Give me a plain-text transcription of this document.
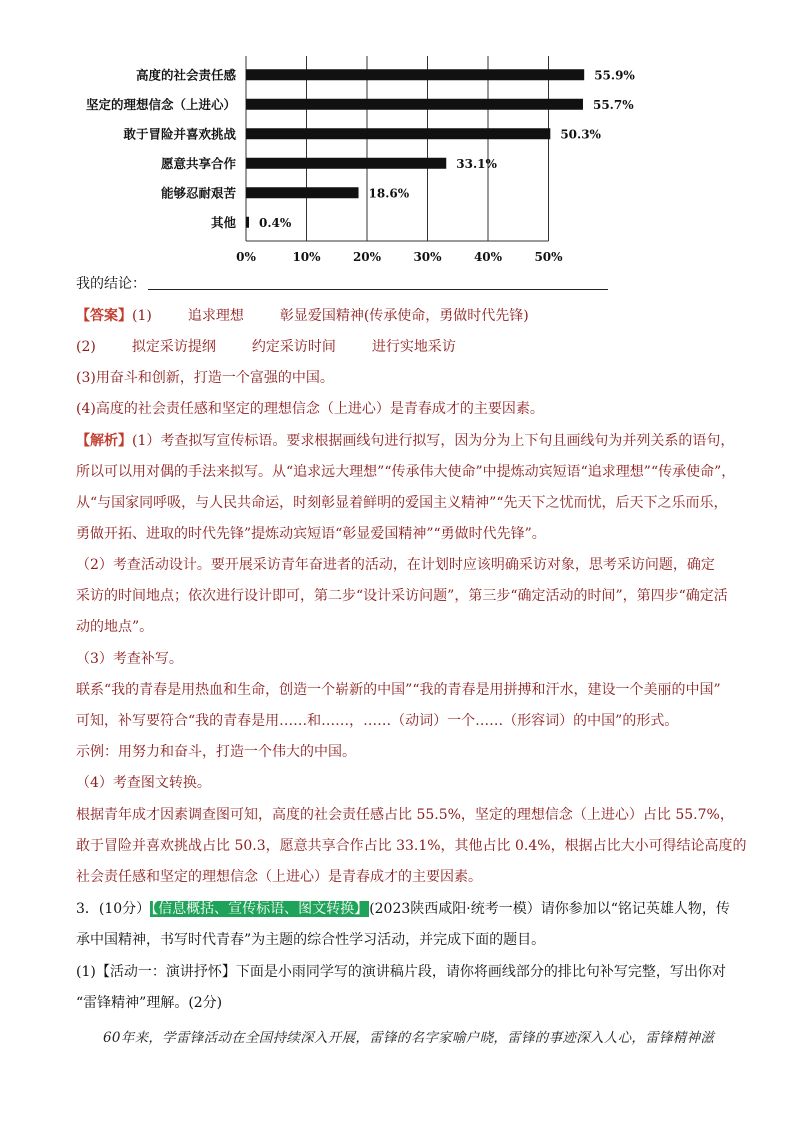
0%	10%	20%	30%	40%	50%
高度的社会责任感	55.9%
坚定的理想信念（上进心）	55.7%
敢于冒险并喜欢挑战	50.3%
愿意共享合作	33.1%
能够忍耐艰苦	18.6%
其他 0.4%
我的结论：
【答案】(1)	追求理想	彰显爱国精神(传承使命，勇做时代先锋)
(2)	拟定采访提纲	约定采访时间	进行实地采访
(3)用奋斗和创新，打造一个富强的中国。
(4)高度的社会责任感和坚定的理想信念（上进心）是青春成才的主要因素。
【解析】(1）考查拟写宣传标语。要求根据画线句进行拟写，因为分为上下句且画线句为并列关系的语句，
所以可以用对偶的手法来拟写。从“追求远大理想”“传承伟大使命”中提炼动宾短语“追求理想”“传承使命”，
从“与国家同呼吸，与人民共命运，时刻彰显着鲜明的爱国主义精神”“先天下之忧而忧，后天下之乐而乐，
勇做开拓、进取的时代先锋”提炼动宾短语“彰显爱国精神”“勇做时代先锋”。
（2）考查活动设计。要开展采访青年奋进者的活动，在计划时应该明确采访对象，思考采访问题，确定
采访的时间地点；依次进行设计即可，第二步“设计采访问题”，第三步“确定活动的时间”，第四步“确定活
动的地点”。
（3）考查补写。
联系“我的青春是用热血和生命，创造一个崭新的中国”“我的青春是用拼搏和汗水，建设一个美丽的中国”
可知，补写要符合“我的青春是用……和……，……（动词）一个……（形容词）的中国”的形式。
示例：用努力和奋斗，打造一个伟大的中国。
（4）考查图文转换。
根据青年成才因素调查图可知，高度的社会责任感占比 55.5%，坚定的理想信念（上进心）占比 55.7%，
敢于冒险并喜欢挑战占比 50.3，愿意共享合作占比 33.1%，其他占比 0.4%，根据占比大小可得结论高度的
社会责任感和坚定的理想信念（上进心）是青春成才的主要因素。
3．(10分）【信息概括、宣传标语、图文转换】(2023陕西咸阳·统考一模）请你参加以“铭记英雄人物，传
承中国精神，书写时代青春”为主题的综合性学习活动，并完成下面的题目。
(1)【活动一：演讲抒怀】下面是小雨同学写的演讲稿片段，请你将画线部分的排比句补写完整，写出你对
“雷锋精神”理解。(2分)
60年来，学雷锋活动在全国持续深入开展，雷锋的名字家喻户晓，雷锋的事迹深入人心，雷锋精神滋
